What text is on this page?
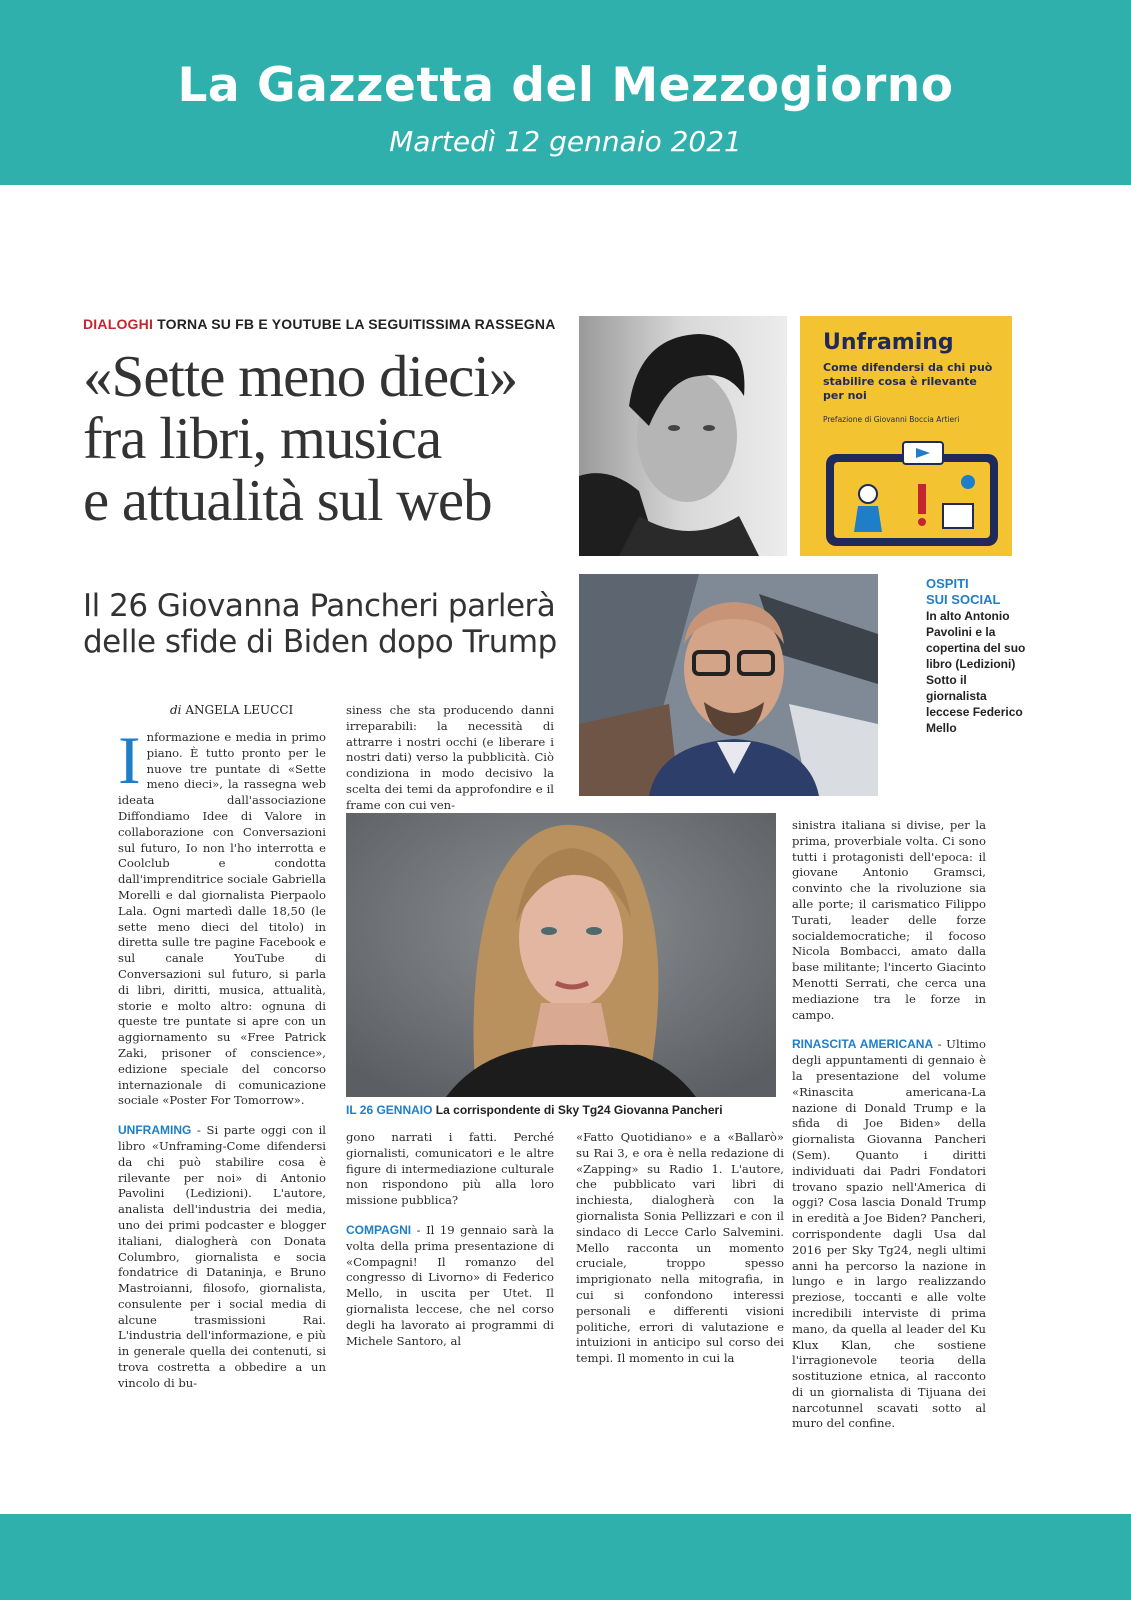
La Gazzetta del Mezzogiorno
Martedì 12 gennaio 2021
DIALOGHI TORNA SU FB E YOUTUBE LA SEGUITISSIMA RASSEGNA
«Sette meno dieci»
fra libri, musica
e attualità sul web
Il 26 Giovanna Pancheri parlerà
delle sfide di Biden dopo Trump
di ANGELA LEUCCI

Informazione e media in primo piano. È tutto pronto per le nuove tre puntate di «Sette meno dieci», la rassegna web ideata dall'associazione Diffondiamo Idee di Valore in collaborazione con Conversazioni sul futuro, Io non l'ho interrotta e Coolclub e condotta dall'imprenditrice sociale Gabriella Morelli e dal giornalista Pierpaolo Lala. Ogni martedì dalle 18,50 (le sette meno dieci del titolo) in diretta sulle tre pagine Facebook e sul canale YouTube di Conversazioni sul futuro, si parla di libri, diritti, musica, attualità, storie e molto altro: ognuna di queste tre puntate si apre con un aggiornamento su «Free Patrick Zaki, prisoner of conscience», edizione speciale del concorso internazionale di comunicazione sociale «Poster For Tomorrow».

UNFRAMING - Si parte oggi con il libro «Unframing-Come difendersi da chi può stabilire cosa è rilevante per noi» di Antonio Pavolini (Ledizioni). L'autore, analista dell'industria dei media, uno dei primi podcaster e blogger italiani, dialogherà con Donata Columbro, giornalista e socia fondatrice di Dataninja, e Bruno Mastroianni, filosofo, giornalista, consulente per i social media di alcune trasmissioni Rai. L'industria dell'informazione, e più in generale quella dei contenuti, si trova costretta a obbedire a un vincolo di bu-

siness che sta producendo danni irreparabili: la necessità di attrarre i nostri occhi (e liberare i nostri dati) verso la pubblicità. Ciò condiziona in modo decisivo la scelta dei temi da approfondire e il frame con cui ven-

gono narrati i fatti. Perché giornalisti, comunicatori e le altre figure di intermediazione culturale non rispondono più alla loro missione pubblica?

COMPAGNI - Il 19 gennaio sarà la volta della prima presentazione di «Compagni! Il romanzo del congresso di Livorno» di Federico Mello, in uscita per Utet. Il giornalista leccese, che nel corso degli ha lavorato ai programmi di Michele Santoro, al

«Fatto Quotidiano» e a «Ballarò» su Rai 3, e ora è nella redazione di «Zapping» su Radio 1. L'autore, che pubblicato vari libri di inchiesta, dialogherà con la giornalista Sonia Pellizzari e con il sindaco di Lecce Carlo Salvemini. Mello racconta un momento cruciale, troppo spesso imprigionato nella mitografia, in cui si confondono interessi personali e differenti visioni politiche, errori di valutazione e intuizioni in anticipo sul corso dei tempi. Il momento in cui la

sinistra italiana si divise, per la prima, proverbiale volta. Ci sono tutti i protagonisti dell'epoca: il giovane Antonio Gramsci, convinto che la rivoluzione sia alle porte; il carismatico Filippo Turati, leader delle forze socialdemocratiche; il focoso Nicola Bombacci, amato dalla base militante; l'incerto Giacinto Menotti Serrati, che cerca una mediazione tra le forze in campo.

RINASCITA AMERICANA - Ultimo degli appuntamenti di gennaio è la presentazione del volume «Rinascita americana-La nazione di Donald Trump e la sfida di Joe Biden» della giornalista Giovanna Pancheri (Sem). Quanto i diritti individuati dai Padri Fondatori trovano spazio nell'America di oggi? Cosa lascia Donald Trump in eredità a Joe Biden? Pancheri, corrispondente dagli Usa dal 2016 per Sky Tg24, negli ultimi anni ha percorso la nazione in lungo e in largo realizzando preziose, toccanti e alle volte incredibili interviste di prima mano, da quella al leader del Ku Klux Klan, che sostiene l'irragionevole teoria della sostituzione etnica, al racconto di un giornalista di Tijuana dei narcotunnel scavati sotto al muro del confine.

Unframing
Come difendersi da chi può stabilire cosa è rilevante per noi
Prefazione di Giovanni Boccia Artieri
OSPITI
SUI SOCIAL
In alto Antonio Pavolini e la copertina del suo libro (Ledizioni) Sotto il giornalista leccese Federico Mello
IL 26 GENNAIO La corrispondente di Sky Tg24 Giovanna Pancheri
